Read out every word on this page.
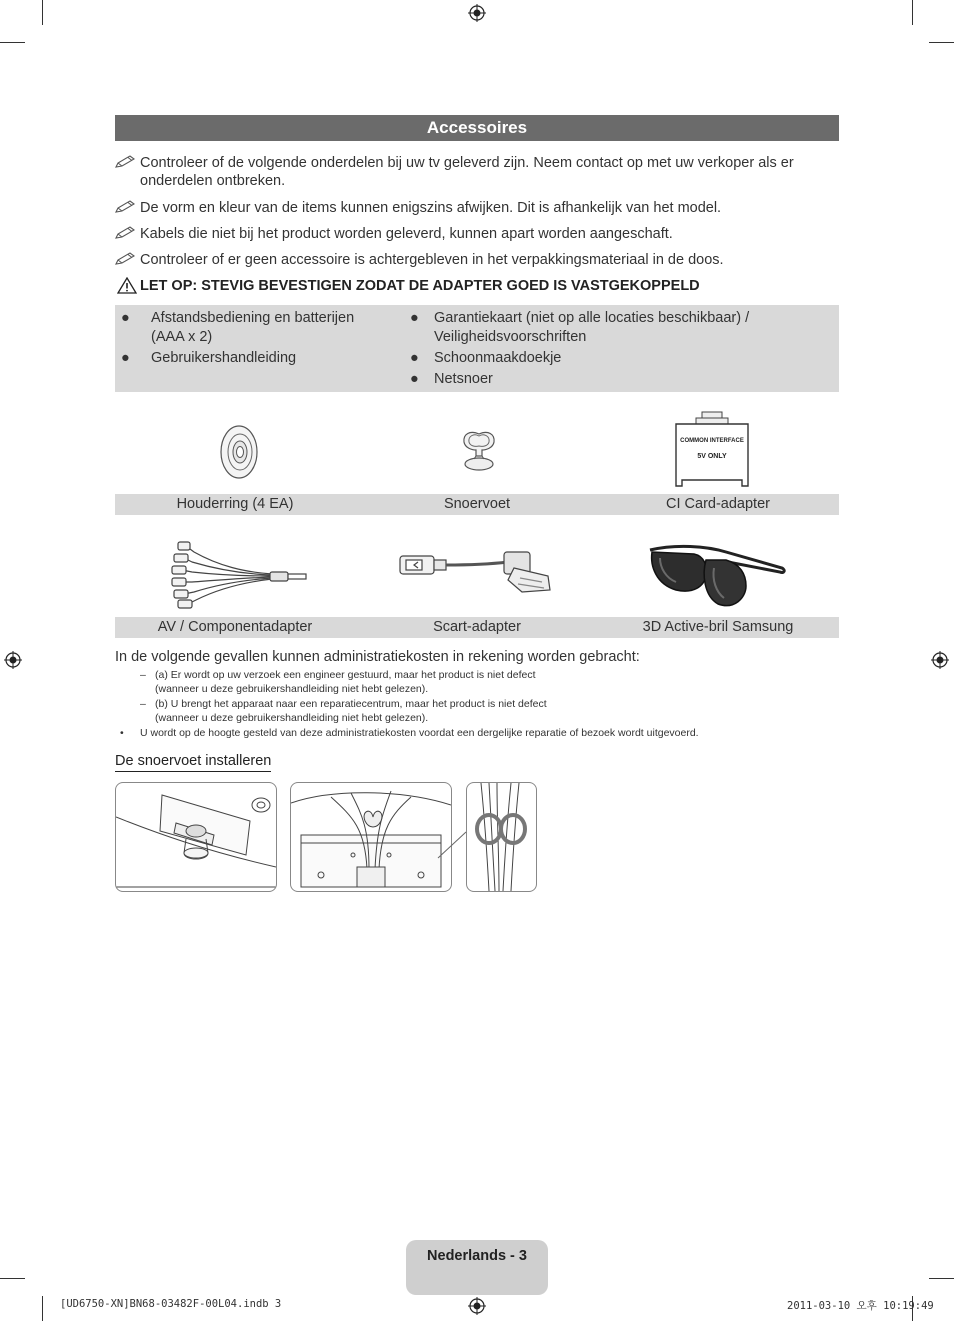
Accessoires
Controleer of de volgende onderdelen bij uw tv geleverd zijn. Neem contact op met uw verkoper als er
onderdelen ontbreken.
De vorm en kleur van de items kunnen enigszins afwijken. Dit is afhankelijk van het model.
Kabels die niet bij het product worden geleverd, kunnen apart worden aangeschaft.
Controleer of er geen accessoire is achtergebleven in het verpakkingsmateriaal in de doos.
LET OP: STEVIG BEVESTIGEN ZODAT DE ADAPTER GOED IS VASTGEKOPPELD
●	Afstandsbediening en batterijen
(AAA x 2)
●	Gebruikershandleiding
●	Garantiekaart (niet op alle locaties beschikbaar) /
Veiligheidsvoorschriften
●	Schoonmaakdoekje
●	Netsnoer
COMMON INTERFACE
5V ONLY
Houderring (4 EA)	Snoervoet	CI Card-adapter
AV / Componentadapter	Scart-adapter	3D Active-bril Samsung
In de volgende gevallen kunnen administratiekosten in rekening worden gebracht:
– (a) Er wordt op uw verzoek een engineer gestuurd, maar het product is niet defect
(wanneer u deze gebruikershandleiding niet hebt gelezen).
– (b) U brengt het apparaat naar een reparatiecentrum, maar het product is niet defect
(wanneer u deze gebruikershandleiding niet hebt gelezen).
• U wordt op de hoogte gesteld van deze administratiekosten voordat een dergelijke reparatie of bezoek wordt uitgevoerd.
De snoervoet installeren
Nederlands - 3
[UD6750-XN]BN68-03482F-00L04.indb 3	2011-03-10 오후 10:19:49
